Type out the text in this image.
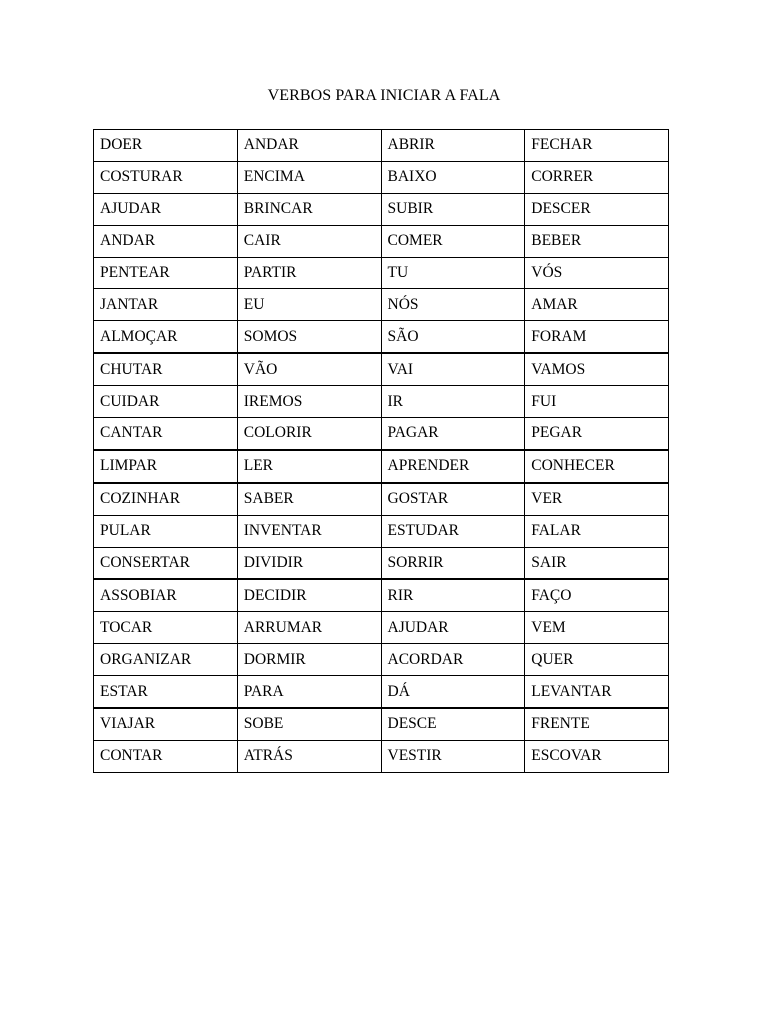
VERBOS PARA INICIAR A FALA
DOER	ANDAR	ABRIR	FECHAR
COSTURAR	ENCIMA	BAIXO	CORRER
AJUDAR	BRINCAR	SUBIR	DESCER
ANDAR	CAIR	COMER	BEBER
PENTEAR	PARTIR	TU	VÓS
JANTAR	EU	NÓS	AMAR
ALMOÇAR	SOMOS	SÃO	FORAM
CHUTAR	VÃO	VAI	VAMOS
CUIDAR	IREMOS	IR	FUI
CANTAR	COLORIR	PAGAR	PEGAR
LIMPAR	LER	APRENDER	CONHECER
COZINHAR	SABER	GOSTAR	VER
PULAR	INVENTAR	ESTUDAR	FALAR
CONSERTAR	DIVIDIR	SORRIR	SAIR
ASSOBIAR	DECIDIR	RIR	FAÇO
TOCAR	ARRUMAR	AJUDAR	VEM
ORGANIZAR	DORMIR	ACORDAR	QUER
ESTAR	PARA	DÁ	LEVANTAR
VIAJAR	SOBE	DESCE	FRENTE
CONTAR	ATRÁS	VESTIR	ESCOVAR
